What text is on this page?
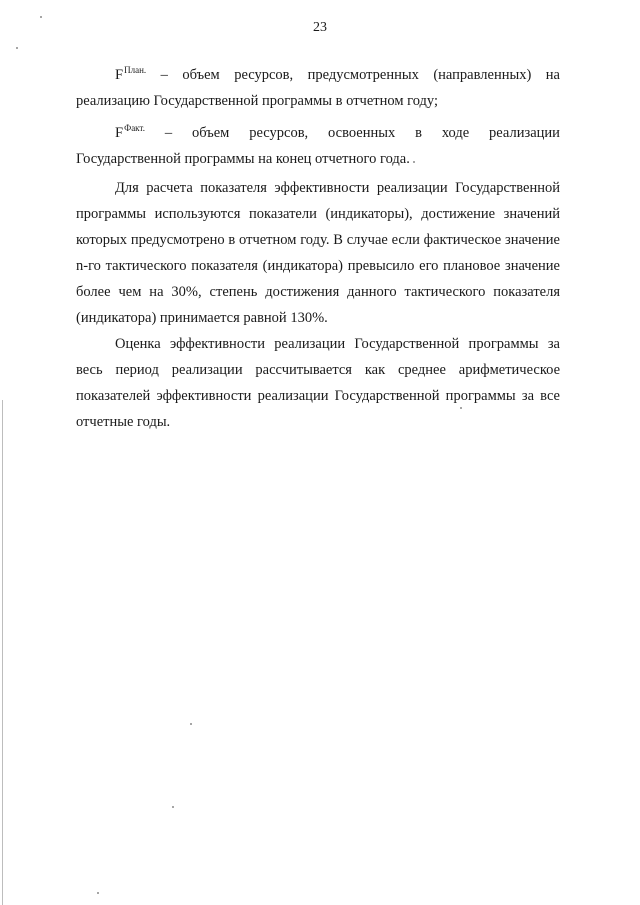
23
$F^{План.}$ – объем ресурсов, предусмотренных (направленных) на

реализацию Государственной программы в отчетном году;

$F^{Факт.}$ – объем ресурсов, освоенных в ходе реализации

Государственной программы на конец отчетного года.

Для расчета показателя эффективности реализации Государственной программы используются показатели (индикаторы), достижение значений которых предусмотрено в отчетном году. В случае если фактическое значение n-го тактического показателя (индикатора) превысило его плановое значение более чем на 30%, степень достижения данного тактического показателя (индикатора) принимается равной 130%.

Оценка эффективности реализации Государственной программы за весь период реализации рассчитывается как среднее арифметическое показателей эффективности реализации Государственной программы за все отчетные годы.
